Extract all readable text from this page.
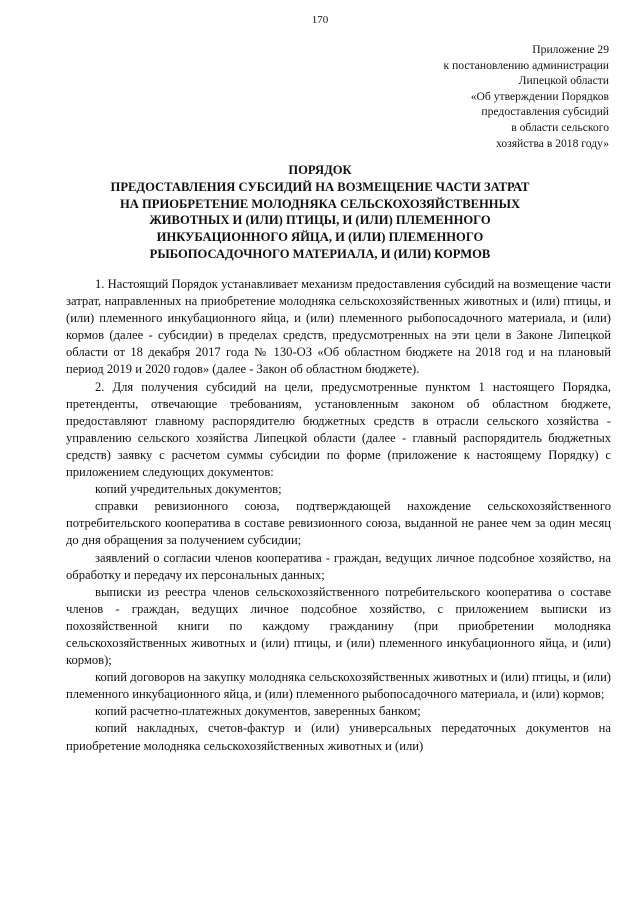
170
Приложение 29
к постановлению администрации
Липецкой области
«Об утверждении Порядков
предоставления субсидий
в области сельского
хозяйства в 2018 году»
ПОРЯДОК
ПРЕДОСТАВЛЕНИЯ СУБСИДИЙ НА ВОЗМЕЩЕНИЕ ЧАСТИ ЗАТРАТ
НА ПРИОБРЕТЕНИЕ МОЛОДНЯКА СЕЛЬСКОХОЗЯЙСТВЕННЫХ
ЖИВОТНЫХ И (ИЛИ) ПТИЦЫ, И (ИЛИ) ПЛЕМЕННОГО
ИНКУБАЦИОННОГО ЯЙЦА, И (ИЛИ) ПЛЕМЕННОГО
РЫБОПОСАДОЧНОГО МАТЕРИАЛА, И (ИЛИ) КОРМОВ

1. Настоящий Порядок устанавливает механизм предоставления субсидий на возмещение части затрат, направленных на приобретение молодняка сельскохозяйственных животных и (или) птицы, и (или) племенного инкубационного яйца, и (или) племенного рыбопосадочного материала, и (или) кормов (далее - субсидии) в пределах средств, предусмотренных на эти цели в Законе Липецкой области от 18 декабря 2017 года № 130-ОЗ «Об областном бюджете на 2018 год и на плановый период 2019 и 2020 годов» (далее - Закон об областном бюджете).

2. Для получения субсидий на цели, предусмотренные пунктом 1 настоящего Порядка, претенденты, отвечающие требованиям, установленным законом об областном бюджете, предоставляют главному распорядителю бюджетных средств в отрасли сельского хозяйства - управлению сельского хозяйства Липецкой области (далее - главный распорядитель бюджетных средств) заявку с расчетом суммы субсидии по форме (приложение к настоящему Порядку) с приложением следующих документов:

копий учредительных документов;

справки ревизионного союза, подтверждающей нахождение сельскохозяйственного потребительского кооператива в составе ревизионного союза, выданной не ранее чем за один месяц до дня обращения за получением субсидии;

заявлений о согласии членов кооператива - граждан, ведущих личное подсобное хозяйство, на обработку и передачу их персональных данных;

выписки из реестра членов сельскохозяйственного потребительского кооператива о составе членов - граждан, ведущих личное подсобное хозяйство, с приложением выписки из похозяйственной книги по каждому гражданину (при приобретении молодняка сельскохозяйственных животных и (или) птицы, и (или) племенного инкубационного яйца, и (или) кормов);

копий договоров на закупку молодняка сельскохозяйственных животных и (или) птицы, и (или) племенного инкубационного яйца, и (или) племенного рыбопосадочного материала, и (или) кормов;

копий расчетно-платежных документов, заверенных банком;

копий накладных, счетов-фактур и (или) универсальных передаточных документов на приобретение молодняка сельскохозяйственных животных и (или)
